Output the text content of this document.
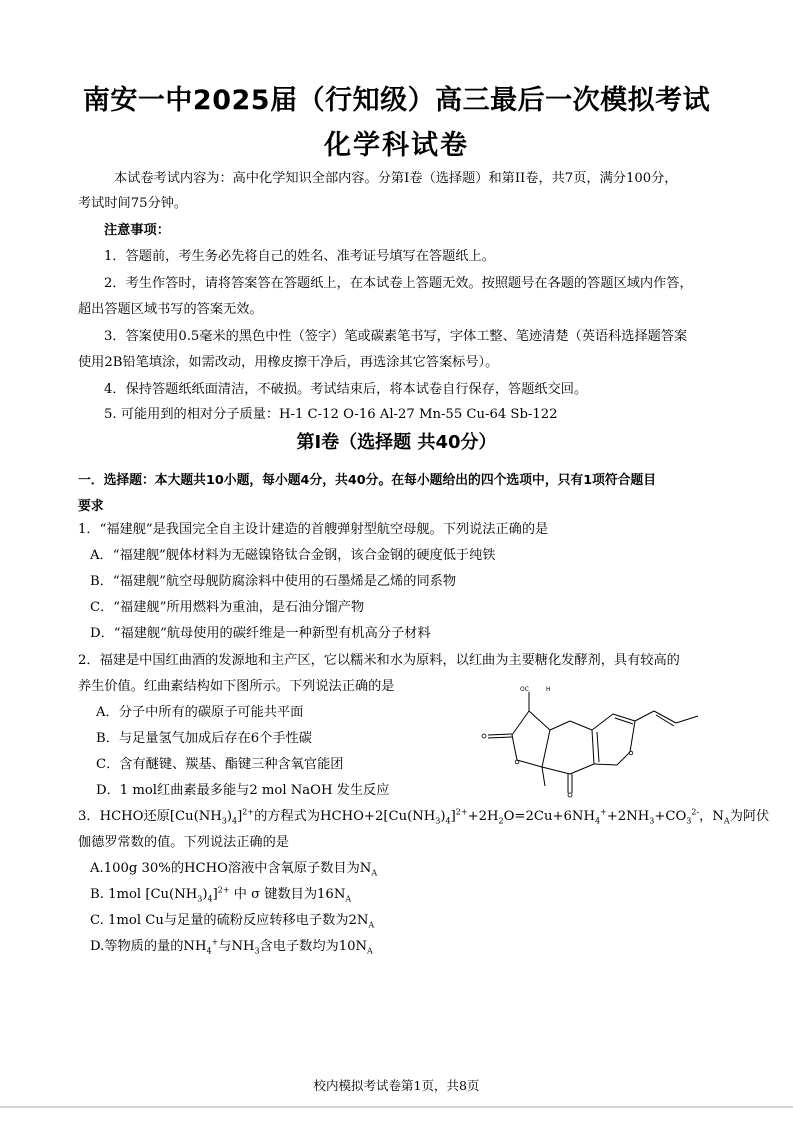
南安一中2025届（行知级）高三最后一次模拟考试
化学科试卷
本试卷考试内容为：高中化学知识全部内容。分第Ⅰ卷（选择题）和第II卷，共7页，满分100分，
考试时间75分钟。
注意事项：
1．答题前，考生务必先将自己的姓名、准考证号填写在答题纸上。
2．考生作答时，请将答案答在答题纸上，在本试卷上答题无效。按照题号在各题的答题区域内作答，
超出答题区域书写的答案无效。
3．答案使用0.5毫米的黑色中性（签字）笔或碳素笔书写，字体工整、笔迹清楚（英语科选择题答案
使用2B铅笔填涂，如需改动，用橡皮擦干净后，再选涂其它答案标号）。
4．保持答题纸纸面清洁，不破损。考试结束后，将本试卷自行保存，答题纸交回。
5. 可能用到的相对分子质量：H-1 C-12 O-16 Al-27 Mn-55 Cu-64 Sb-122
第Ⅰ卷（选择题 共40分）
一．选择题：本大题共10小题，每小题4分，共40分。在每小题给出的四个选项中，只有1项符合题目
要求
1．“福建舰”是我国完全自主设计建造的首艘弹射型航空母舰。下列说法正确的是
A．“福建舰”舰体材料为无磁镍铬钛合金钢，该合金钢的硬度低于纯铁
B．“福建舰”航空母舰防腐涂料中使用的石墨烯是乙烯的同系物
C．“福建舰”所用燃料为重油，是石油分馏产物
D．“福建舰”航母使用的碳纤维是一种新型有机高分子材料
2．福建是中国红曲酒的发源地和主产区，它以糯米和水为原料，以红曲为主要糖化发酵剂，具有较高的
养生价值。红曲素结构如下图所示。下列说法正确的是
A．分子中所有的碳原子可能共平面
B．与足量氢气加成后存在6个手性碳
C．含有醚键、羰基、酯键三种含氧官能团
D．1 mol红曲素最多能与2 mol NaOH 发生反应
OC	H
3．HCHO还原$[Cu(NH_3)_4]^{2+}$的方程式为$HCHO+2[Cu(NH_3)_4]^{2+}+2H_2O=2Cu+6NH_4^++2NH_3+CO_3^{2-}$，$N_A$为阿伏
伽德罗常数的值。下列说法正确的是
A.100g 30%的HCHO溶液中含氧原子数目为$N_A$
B. 1mol $[Cu(NH_3)_4]^{2+}$ 中 σ 键数目为$16N_A$
C. 1mol Cu与足量的硫粉反应转移电子数为$2N_A$
D.等物质的量的$NH_4^+$与$NH_3$含电子数均为$10N_A$
校内模拟考试卷第1页，共8页
